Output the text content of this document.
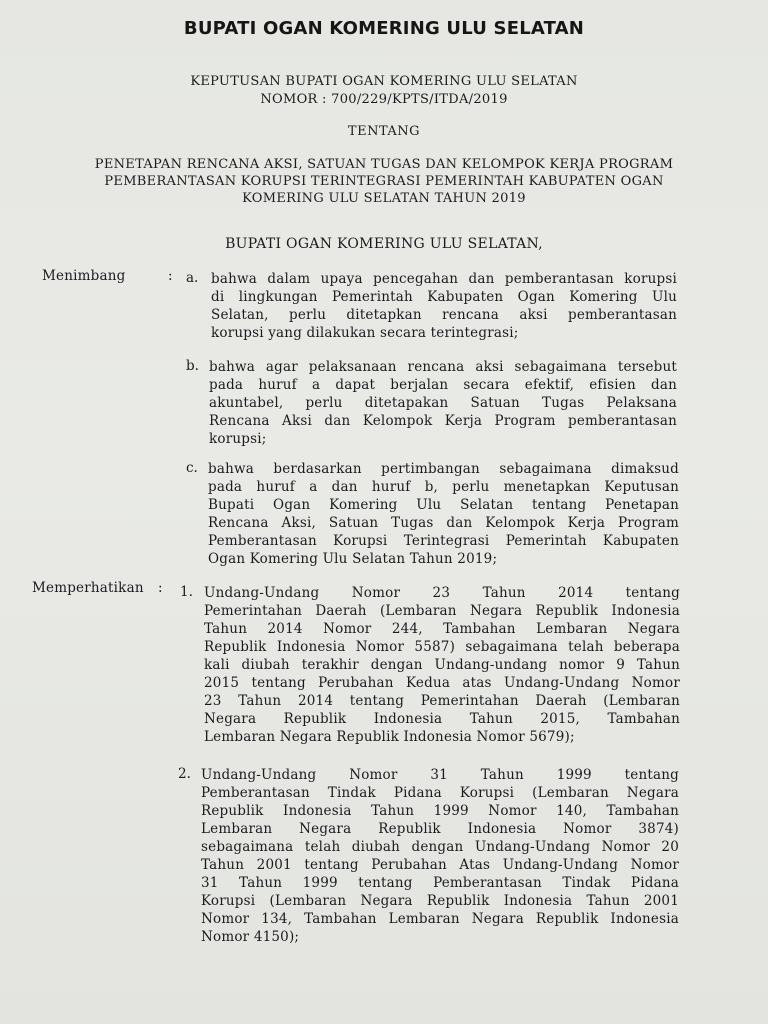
BUPATI OGAN KOMERING ULU SELATAN
KEPUTUSAN BUPATI OGAN KOMERING ULU SELATAN
NOMOR : 700/229/KPTS/ITDA/2019
TENTANG
PENETAPAN RENCANA AKSI, SATUAN TUGAS DAN KELOMPOK KERJA PROGRAM
PEMBERANTASAN KORUPSI TERINTEGRASI PEMERINTAH KABUPATEN OGAN
KOMERING ULU SELATAN TAHUN 2019
BUPATI OGAN KOMERING ULU SELATAN,
Menimbang	: a. bahwa dalam upaya pencegahan dan pemberantasan korupsi
di lingkungan Pemerintah Kabupaten Ogan Komering Ulu
Selatan, perlu ditetapkan rencana aksi pemberantasan
korupsi yang dilakukan secara terintegrasi;
b. bahwa agar pelaksanaan rencana aksi sebagaimana tersebut
pada huruf a dapat berjalan secara efektif, efisien dan
akuntabel, perlu ditetapakan Satuan Tugas Pelaksana
Rencana Aksi dan Kelompok Kerja Program pemberantasan
korupsi;
c. bahwa berdasarkan pertimbangan sebagaimana dimaksud
pada huruf a dan huruf b, perlu menetapkan Keputusan
Bupati Ogan Komering Ulu Selatan tentang Penetapan
Rencana Aksi, Satuan Tugas dan Kelompok Kerja Program
Pemberantasan Korupsi Terintegrasi Pemerintah Kabupaten
Ogan Komering Ulu Selatan Tahun 2019;
Memperhatikan : 1. Undang-Undang Nomor 23 Tahun 2014 tentang
Pemerintahan Daerah (Lembaran Negara Republik Indonesia
Tahun 2014 Nomor 244, Tambahan Lembaran Negara
Republik Indonesia Nomor 5587) sebagaimana telah beberapa
kali diubah terakhir dengan Undang-undang nomor 9 Tahun
2015 tentang Perubahan Kedua atas Undang-Undang Nomor
23 Tahun 2014 tentang Pemerintahan Daerah (Lembaran
Negara Republik Indonesia Tahun 2015, Tambahan
Lembaran Negara Republik Indonesia Nomor 5679);
2. Undang-Undang Nomor 31 Tahun 1999 tentang
Pemberantasan Tindak Pidana Korupsi (Lembaran Negara
Republik Indonesia Tahun 1999 Nomor 140, Tambahan
Lembaran Negara Republik Indonesia Nomor 3874)
sebagaimana telah diubah dengan Undang-Undang Nomor 20
Tahun 2001 tentang Perubahan Atas Undang-Undang Nomor
31 Tahun 1999 tentang Pemberantasan Tindak Pidana
Korupsi (Lembaran Negara Republik Indonesia Tahun 2001
Nomor 134, Tambahan Lembaran Negara Republik Indonesia
Nomor 4150);
